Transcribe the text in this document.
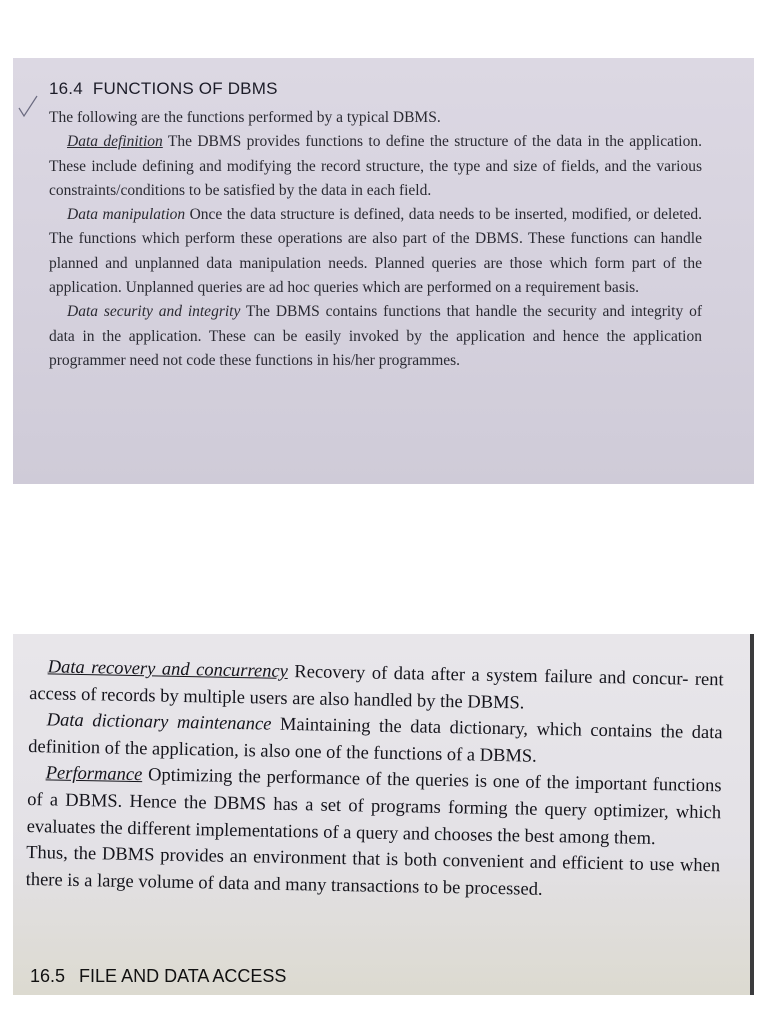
16.4 FUNCTIONS OF DBMS

The following are the functions performed by a typical DBMS.

Data definition The DBMS provides functions to define the structure of the data in the application. These include defining and modifying the record structure, the type and size of fields, and the various constraints/conditions to be satisfied by the data in each field.

Data manipulation Once the data structure is defined, data needs to be inserted, modified, or deleted. The functions which perform these operations are also part of the DBMS. These functions can handle planned and unplanned data manipulation needs. Planned queries are those which form part of the application. Unplanned queries are ad hoc queries which are performed on a requirement basis.

Data security and integrity The DBMS contains functions that handle the security and integrity of data in the application. These can be easily invoked by the application and hence the application programmer need not code these functions in his/her programmes.

Data recovery and concurrency Recovery of data after a system failure and concur- rent access of records by multiple users are also handled by the DBMS.

Data dictionary maintenance Maintaining the data dictionary, which contains the data definition of the application, is also one of the functions of a DBMS.

Performance Optimizing the performance of the queries is one of the important functions of a DBMS. Hence the DBMS has a set of programs forming the query optimizer, which evaluates the different implementations of a query and chooses the best among them.

Thus, the DBMS provides an environment that is both convenient and efficient to use when there is a large volume of data and many transactions to be processed.

16.5 FILE AND DATA ACCESS
